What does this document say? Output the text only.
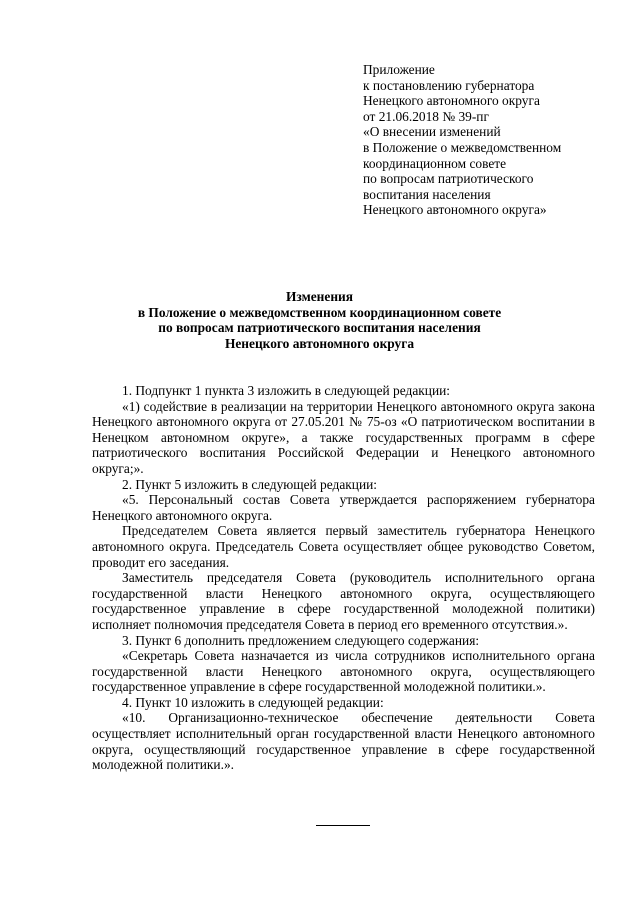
Приложение
к постановлению губернатора
Ненецкого автономного округа
от 21.06.2018 № 39-пг
«О внесении изменений
в Положение о межведомственном
координационном совете
по вопросам патриотического
воспитания населения
Ненецкого автономного округа»
Изменения
в Положение о межведомственном координационном совете
по вопросам патриотического воспитания населения
Ненецкого автономного округа

1. Подпункт 1 пункта 3 изложить в следующей редакции:

«1) содействие в реализации на территории Ненецкого автономного округа закона Ненецкого автономного округа от 27.05.201 № 75-оз «О патриотическом воспитании в Ненецком автономном округе», а также государственных программ в сфере патриотического воспитания Российской Федерации и Ненецкого автономного округа;».

2. Пункт 5 изложить в следующей редакции:

«5. Персональный состав Совета утверждается распоряжением губернатора Ненецкого автономного округа.

Председателем Совета является первый заместитель губернатора Ненецкого автономного округа. Председатель Совета осуществляет общее руководство Советом, проводит его заседания.

Заместитель председателя Совета (руководитель исполнительного органа государственной власти Ненецкого автономного округа, осуществляющего государственное управление в сфере государственной молодежной политики) исполняет полномочия председателя Совета в период его временного отсутствия.».

3. Пункт 6 дополнить предложением следующего содержания:

«Секретарь Совета назначается из числа сотрудников исполнительного органа государственной власти Ненецкого автономного округа, осуществляющего государственное управление в сфере государственной молодежной политики.».

4. Пункт 10 изложить в следующей редакции:

«10. Организационно-техническое обеспечение деятельности Совета осуществляет исполнительный орган государственной власти Ненецкого автономного округа, осуществляющий государственное управление в сфере государственной молодежной политики.».
